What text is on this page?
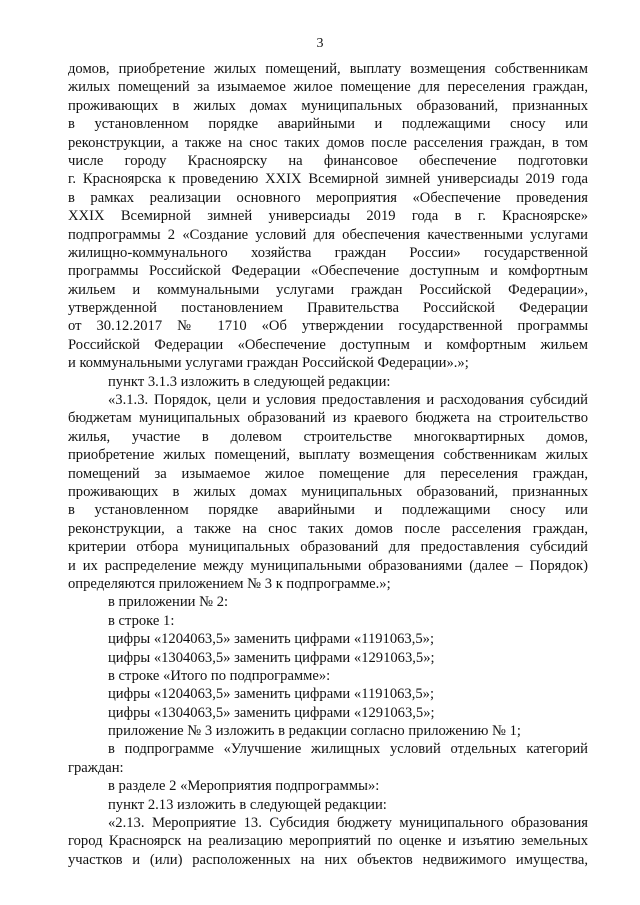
3
домов, приобретение жилых помещений, выплату возмещения собственникам
жилых помещений за изымаемое жилое помещение для переселения граждан,
проживающих в жилых домах муниципальных образований, признанных
в установленном порядке аварийными и подлежащими сносу или
реконструкции, а также на снос таких домов после расселения граждан, в том
числе городу Красноярску на финансовое обеспечение подготовки
г. Красноярска к проведению XXIX Всемирной зимней универсиады 2019 года
в рамках реализации основного мероприятия «Обеспечение проведения
XXIX Всемирной зимней универсиады 2019 года в г. Красноярске»
подпрограммы 2 «Создание условий для обеспечения качественными услугами
жилищно-коммунального хозяйства граждан России» государственной
программы Российской Федерации «Обеспечение доступным и комфортным
жильем и коммунальными услугами граждан Российской Федерации»,
утвержденной постановлением Правительства Российской Федерации
от 30.12.2017 № 1710 «Об утверждении государственной программы
Российской Федерации «Обеспечение доступным и комфортным жильем
и коммунальными услугами граждан Российской Федерации».»;
пункт 3.1.3 изложить в следующей редакции:
«3.1.3. Порядок, цели и условия предоставления и расходования субсидий
бюджетам муниципальных образований из краевого бюджета на строительство
жилья, участие в долевом строительстве многоквартирных домов,
приобретение жилых помещений, выплату возмещения собственникам жилых
помещений за изымаемое жилое помещение для переселения граждан,
проживающих в жилых домах муниципальных образований, признанных
в установленном порядке аварийными и подлежащими сносу или
реконструкции, а также на снос таких домов после расселения граждан,
критерии отбора муниципальных образований для предоставления субсидий
и их распределение между муниципальными образованиями (далее – Порядок)
определяются приложением № 3 к подпрограмме.»;
в приложении № 2:
в строке 1:
цифры «1204063,5» заменить цифрами «1191063,5»;
цифры «1304063,5» заменить цифрами «1291063,5»;
в строке «Итого по подпрограмме»:
цифры «1204063,5» заменить цифрами «1191063,5»;
цифры «1304063,5» заменить цифрами «1291063,5»;
приложение № 3 изложить в редакции согласно приложению № 1;
в подпрограмме «Улучшение жилищных условий отдельных категорий
граждан:
в разделе 2 «Мероприятия подпрограммы»:
пункт 2.13 изложить в следующей редакции:
«2.13. Мероприятие 13. Субсидия бюджету муниципального образования
город Красноярск на реализацию мероприятий по оценке и изъятию земельных
участков и (или) расположенных на них объектов недвижимого имущества,
